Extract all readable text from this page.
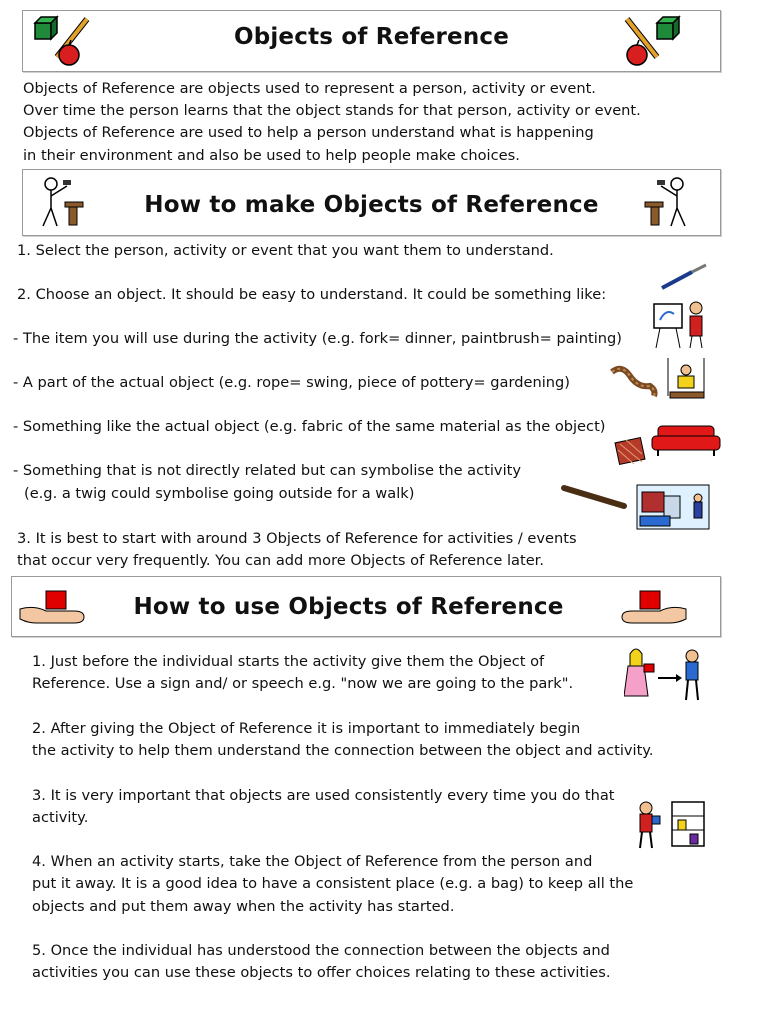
Objects of Reference
Objects of Reference are objects used to represent a person, activity or event.
Over time the person learns that the object stands for that person, activity or event.
Objects of Reference are used to help a person understand what is happening
in their environment and also be used to help people make choices.
How to make Objects of Reference
1. Select the person, activity or event that you want them to understand.
2. Choose an object. It should be easy to understand. It could be something like:
- The item you will use during the activity (e.g. fork= dinner, paintbrush= painting)
- A part of the actual object (e.g. rope= swing, piece of pottery= gardening)
- Something like the actual object (e.g. fabric of the same material as the object)
- Something that is not directly related but can symbolise the activity
(e.g. a twig could symbolise going outside for a walk)
3. It is best to start with around 3 Objects of Reference for activities / events
that occur very frequently. You can add more Objects of Reference later.
How to use Objects of Reference
1. Just before the individual starts the activity give them the Object of
Reference. Use a sign and/ or speech e.g. "now we are going to the park".
2. After giving the Object of Reference it is important to immediately begin
the activity to help them understand the connection between the object and activity.
3. It is very important that objects are used consistently every time you do that
activity.
4. When an activity starts, take the Object of Reference from the person and
put it away. It is a good idea to have a consistent place (e.g. a bag) to keep all the
objects and put them away when the activity has started.
5. Once the individual has understood the connection between the objects and
activities you can use these objects to offer choices relating to these activities.
